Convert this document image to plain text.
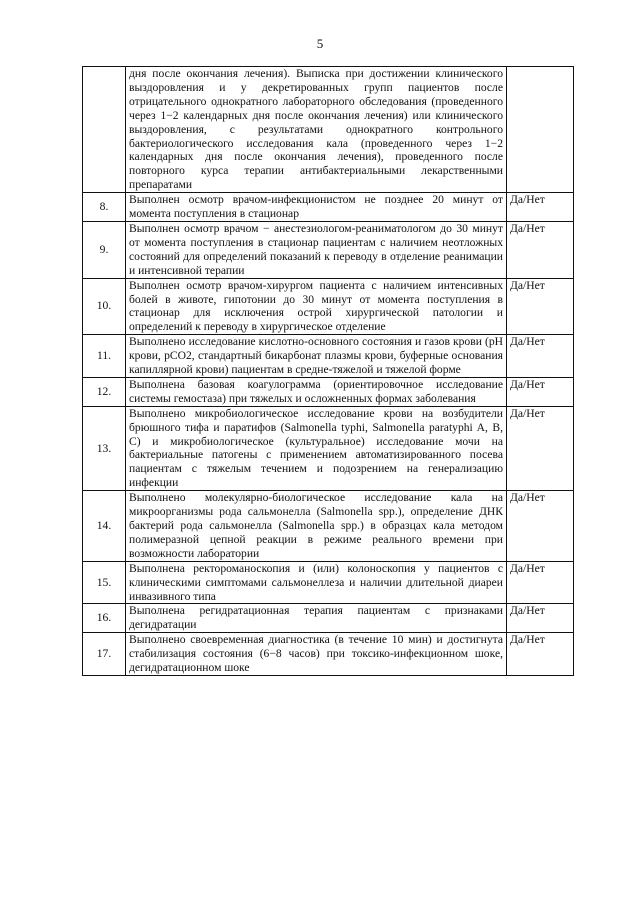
5
	дня после окончания лечения). Выписка при достижении клинического выздоровления и у декретированных групп пациентов после отрицательного однократного лабораторного обследования (проведенного через 1−2 календарных дня после окончания лечения) или клинического выздоровления, с результатами однократного контрольного бактериологического исследования кала (проведенного через 1−2 календарных дня после окончания лечения), проведенного после повторного курса терапии антибактериальными лекарственными препаратами	
8.	Выполнен осмотр врачом-инфекционистом не позднее 20 минут от момента поступления в стационар	Да/Нет
9.	Выполнен осмотр врачом − анестезиологом-реаниматологом до 30 минут от момента поступления в стационар пациентам с наличием неотложных состояний для определений показаний к переводу в отделение реанимации и интенсивной терапии	Да/Нет
10.	Выполнен осмотр врачом-хирургом пациента с наличием интенсивных болей в животе, гипотонии до 30 минут от момента поступления в стационар для исключения острой хирургической патологии и определений к переводу в хирургическое отделение	Да/Нет
11.	Выполнено исследование кислотно-основного состояния и газов крови (pH крови, pCO2, стандартный бикарбонат плазмы крови, буферные основания капиллярной крови) пациентам в средне-тяжелой и тяжелой форме	Да/Нет
12.	Выполнена базовая коагулограмма (ориентировочное исследование системы гемостаза) при тяжелых и осложненных формах заболевания	Да/Нет
13.	Выполнено микробиологическое исследование крови на возбудители брюшного тифа и паратифов (Salmonella typhi, Salmonella paratyphi A, B, C) и микробиологическое (культуральное) исследование мочи на бактериальные патогены с применением автоматизированного посева пациентам с тяжелым течением и подозрением на генерализацию инфекции	Да/Нет
14.	Выполнено молекулярно-биологическое исследование кала на микроорганизмы рода сальмонелла (Salmonella spp.), определение ДНК бактерий рода сальмонелла (Salmonella spp.) в образцах кала методом полимеразной цепной реакции в режиме реального времени при возможности лаборатории	Да/Нет
15.	Выполнена ректороманоскопия и (или) колоноскопия у пациентов с клиническими симптомами сальмонеллеза и наличии длительной диареи инвазивного типа	Да/Нет
16.	Выполнена регидратационная терапия пациентам с признаками дегидратации	Да/Нет
17.	Выполнено своевременная диагностика (в течение 10 мин) и достигнута стабилизация состояния (6−8 часов) при токсико-инфекционном шоке, дегидратационном шоке	Да/Нет
